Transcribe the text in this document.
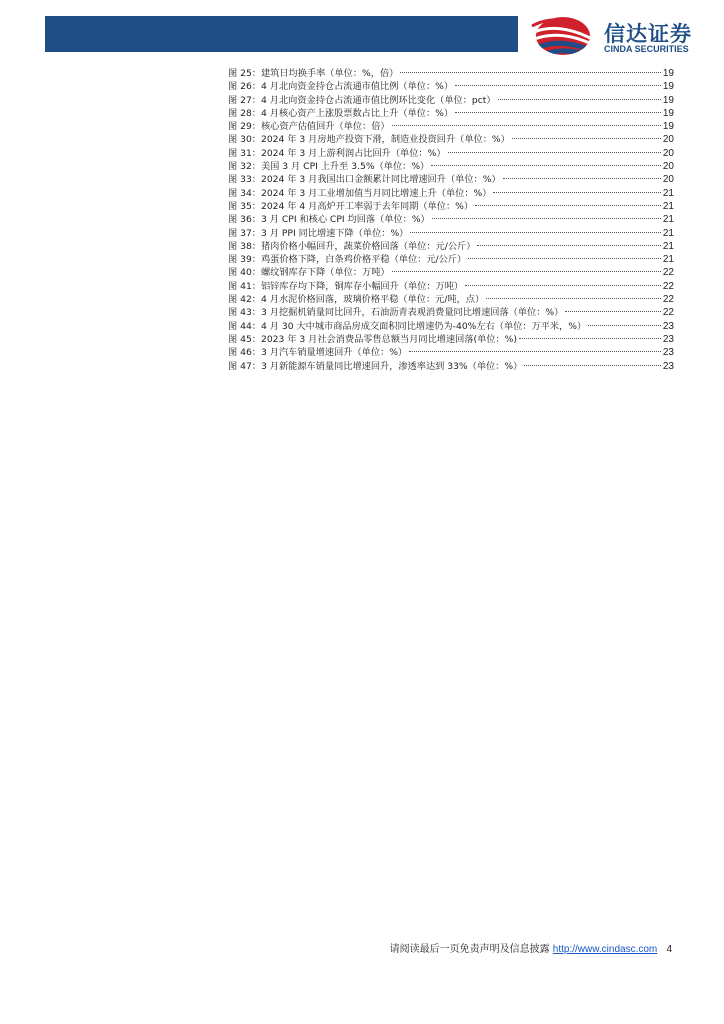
信达证券
CINDA SECURITIES
图 25：建筑日均换手率（单位：%，倍）	19
图 26：4 月北向资金持仓占流通市值比例（单位：%）	19
图 27：4 月北向资金持仓占流通市值比例环比变化（单位：pct）	19
图 28：4 月核心资产上涨股票数占比上升（单位：%）	19
图 29：核心资产估值回升（单位：倍）	19
图 30：2024 年 3 月房地产投资下滑，制造业投资回升（单位：%）	20
图 31：2024 年 3 月上游利润占比回升（单位：%）	20
图 32：美国 3 月 CPI 上升至 3.5%（单位：%）	20
图 33：2024 年 3 月我国出口金额累计同比增速回升（单位：%）	20
图 34：2024 年 3 月工业增加值当月同比增速上升（单位：%）	21
图 35：2024 年 4 月高炉开工率弱于去年同期（单位：%）	21
图 36：3 月 CPI 和核心 CPI 均回落（单位：%）	21
图 37：3 月 PPI 同比增速下降（单位：%）	21
图 38：猪肉价格小幅回升，蔬菜价格回落（单位：元/公斤）	21
图 39：鸡蛋价格下降，白条鸡价格平稳（单位：元/公斤）	21
图 40：螺纹钢库存下降（单位：万吨）	22
图 41：铝锌库存均下降，铜库存小幅回升（单位：万吨）	22
图 42：4 月水泥价格回落，玻璃价格平稳（单位：元/吨，点）	22
图 43：3 月挖掘机销量同比回升，石油沥青表观消费量同比增速回落（单位：%）	22
图 44：4 月 30 大中城市商品房成交面积同比增速仍为-40%左右（单位：万平米，%）	23
图 45：2023 年 3 月社会消费品零售总额当月同比增速回落(单位：%)	23
图 46：3 月汽车销量增速回升（单位：%）	23
图 47：3 月新能源车销量同比增速回升，渗透率达到 33%（单位：%）	23
请阅读最后一页免责声明及信息披露 http://www.cindasc.com 4
